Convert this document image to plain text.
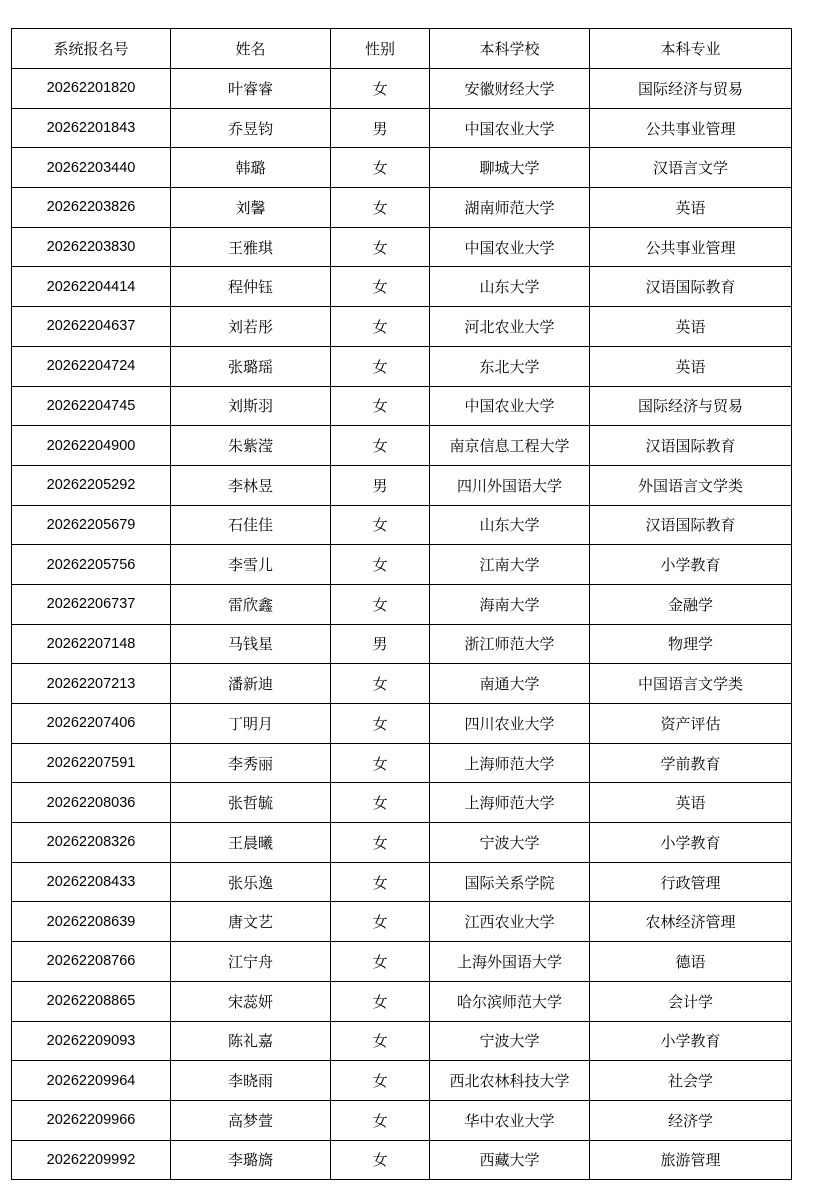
系统报名号	姓名	性别	本科学校	本科专业
20262201820	叶睿睿	女	安徽财经大学	国际经济与贸易
20262201843	乔昱钧	男	中国农业大学	公共事业管理
20262203440	韩璐	女	聊城大学	汉语言文学
20262203826	刘馨	女	湖南师范大学	英语
20262203830	王雅琪	女	中国农业大学	公共事业管理
20262204414	程仲钰	女	山东大学	汉语国际教育
20262204637	刘若彤	女	河北农业大学	英语
20262204724	张璐瑶	女	东北大学	英语
20262204745	刘斯羽	女	中国农业大学	国际经济与贸易
20262204900	朱紫滢	女	南京信息工程大学	汉语国际教育
20262205292	李林昱	男	四川外国语大学	外国语言文学类
20262205679	石佳佳	女	山东大学	汉语国际教育
20262205756	李雪儿	女	江南大学	小学教育
20262206737	雷欣鑫	女	海南大学	金融学
20262207148	马钱星	男	浙江师范大学	物理学
20262207213	潘新迪	女	南通大学	中国语言文学类
20262207406	丁明月	女	四川农业大学	资产评估
20262207591	李秀丽	女	上海师范大学	学前教育
20262208036	张哲毓	女	上海师范大学	英语
20262208326	王晨曦	女	宁波大学	小学教育
20262208433	张乐逸	女	国际关系学院	行政管理
20262208639	唐文艺	女	江西农业大学	农林经济管理
20262208766	江宁舟	女	上海外国语大学	德语
20262208865	宋蕊妍	女	哈尔滨师范大学	会计学
20262209093	陈礼嘉	女	宁波大学	小学教育
20262209964	李晓雨	女	西北农林科技大学	社会学
20262209966	高梦萱	女	华中农业大学	经济学
20262209992	李璐旖	女	西藏大学	旅游管理
